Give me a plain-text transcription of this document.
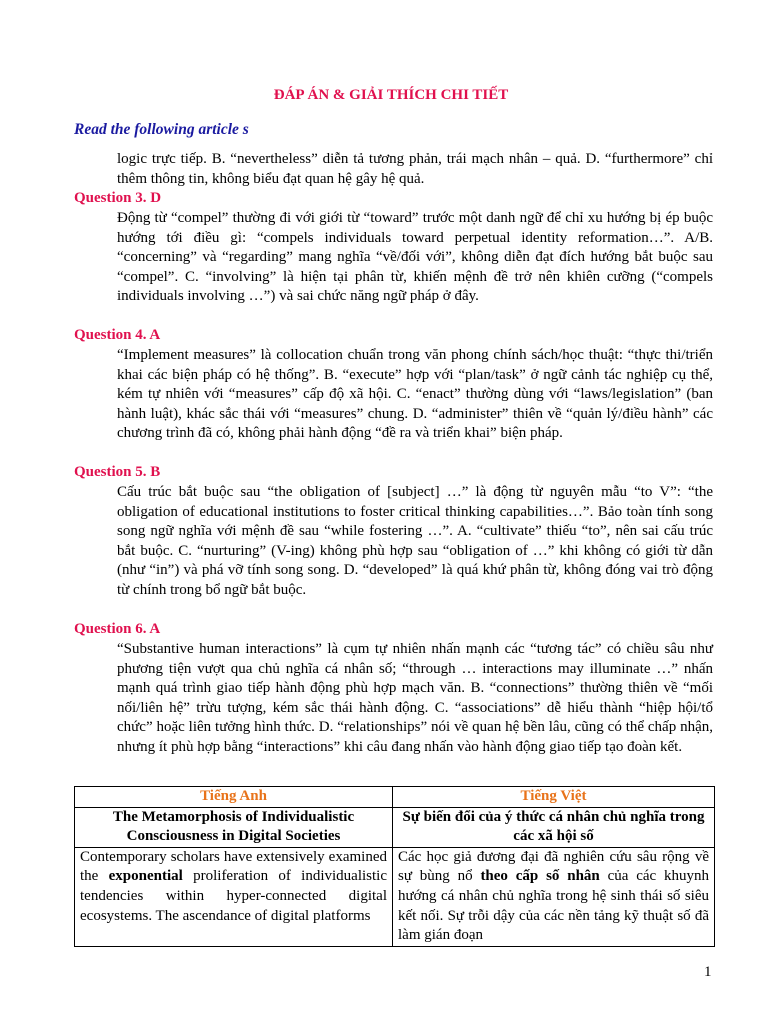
ĐÁP ÁN & GIẢI THÍCH CHI TIẾT
Read the following article s
logic trực tiếp. B. “nevertheless” diễn tả tương phản, trái mạch nhân – quả. D. “furthermore” chỉ thêm thông tin, không biểu đạt quan hệ gây hệ quả.
Question 3. D
Động từ “compel” thường đi với giới từ “toward” trước một danh ngữ để chỉ xu hướng bị ép buộc hướng tới điều gì: “compels individuals toward perpetual identity reformation…”. A/B. “concerning” và “regarding” mang nghĩa “về/đối với”, không diễn đạt đích hướng bắt buộc sau “compel”. C. “involving” là hiện tại phân từ, khiến mệnh đề trở nên khiên cưỡng (“compels individuals involving …”) và sai chức năng ngữ pháp ở đây.
Question 4. A
“Implement measures” là collocation chuẩn trong văn phong chính sách/học thuật: “thực thi/triển khai các biện pháp có hệ thống”. B. “execute” hợp với “plan/task” ở ngữ cảnh tác nghiệp cụ thể, kém tự nhiên với “measures” cấp độ xã hội. C. “enact” thường dùng với “laws/legislation” (ban hành luật), khác sắc thái với “measures” chung. D. “administer” thiên về “quản lý/điều hành” các chương trình đã có, không phải hành động “đề ra và triển khai” biện pháp.
Question 5. B
Cấu trúc bắt buộc sau “the obligation of [subject] …” là động từ nguyên mẫu “to V”: “the obligation of educational institutions to foster critical thinking capabilities…”. Bảo toàn tính song song ngữ nghĩa với mệnh đề sau “while fostering …”. A. “cultivate” thiếu “to”, nên sai cấu trúc bắt buộc. C. “nurturing” (V-ing) không phù hợp sau “obligation of …” khi không có giới từ dẫn (như “in”) và phá vỡ tính song song. D. “developed” là quá khứ phân từ, không đóng vai trò động từ chính trong bổ ngữ bắt buộc.
Question 6. A
“Substantive human interactions” là cụm tự nhiên nhấn mạnh các “tương tác” có chiều sâu như phương tiện vượt qua chủ nghĩa cá nhân số; “through … interactions may illuminate …” nhấn mạnh quá trình giao tiếp hành động phù hợp mạch văn. B. “connections” thường thiên về “mối nối/liên hệ” trừu tượng, kém sắc thái hành động. C. “associations” dễ hiểu thành “hiệp hội/tổ chức” hoặc liên tưởng hình thức. D. “relationships” nói về quan hệ bền lâu, cũng có thể chấp nhận, nhưng ít phù hợp bằng “interactions” khi câu đang nhấn vào hành động giao tiếp tạo đoàn kết.
Tiếng Anh	Tiếng Việt
The Metamorphosis of Individualistic Consciousness in Digital Societies	Sự biến đổi của ý thức cá nhân chủ nghĩa trong các xã hội số

Contemporary scholars have extensively examined the exponential proliferation of individualistic tendencies within hyper-connected digital ecosystems. The ascendance of digital platforms	Các học giả đương đại đã nghiên cứu sâu rộng về sự bùng nổ theo cấp số nhân của các khuynh hướng cá nhân chủ nghĩa trong hệ sinh thái số siêu kết nối. Sự trỗi dậy của các nền tảng kỹ thuật số đã làm gián đoạn
1
